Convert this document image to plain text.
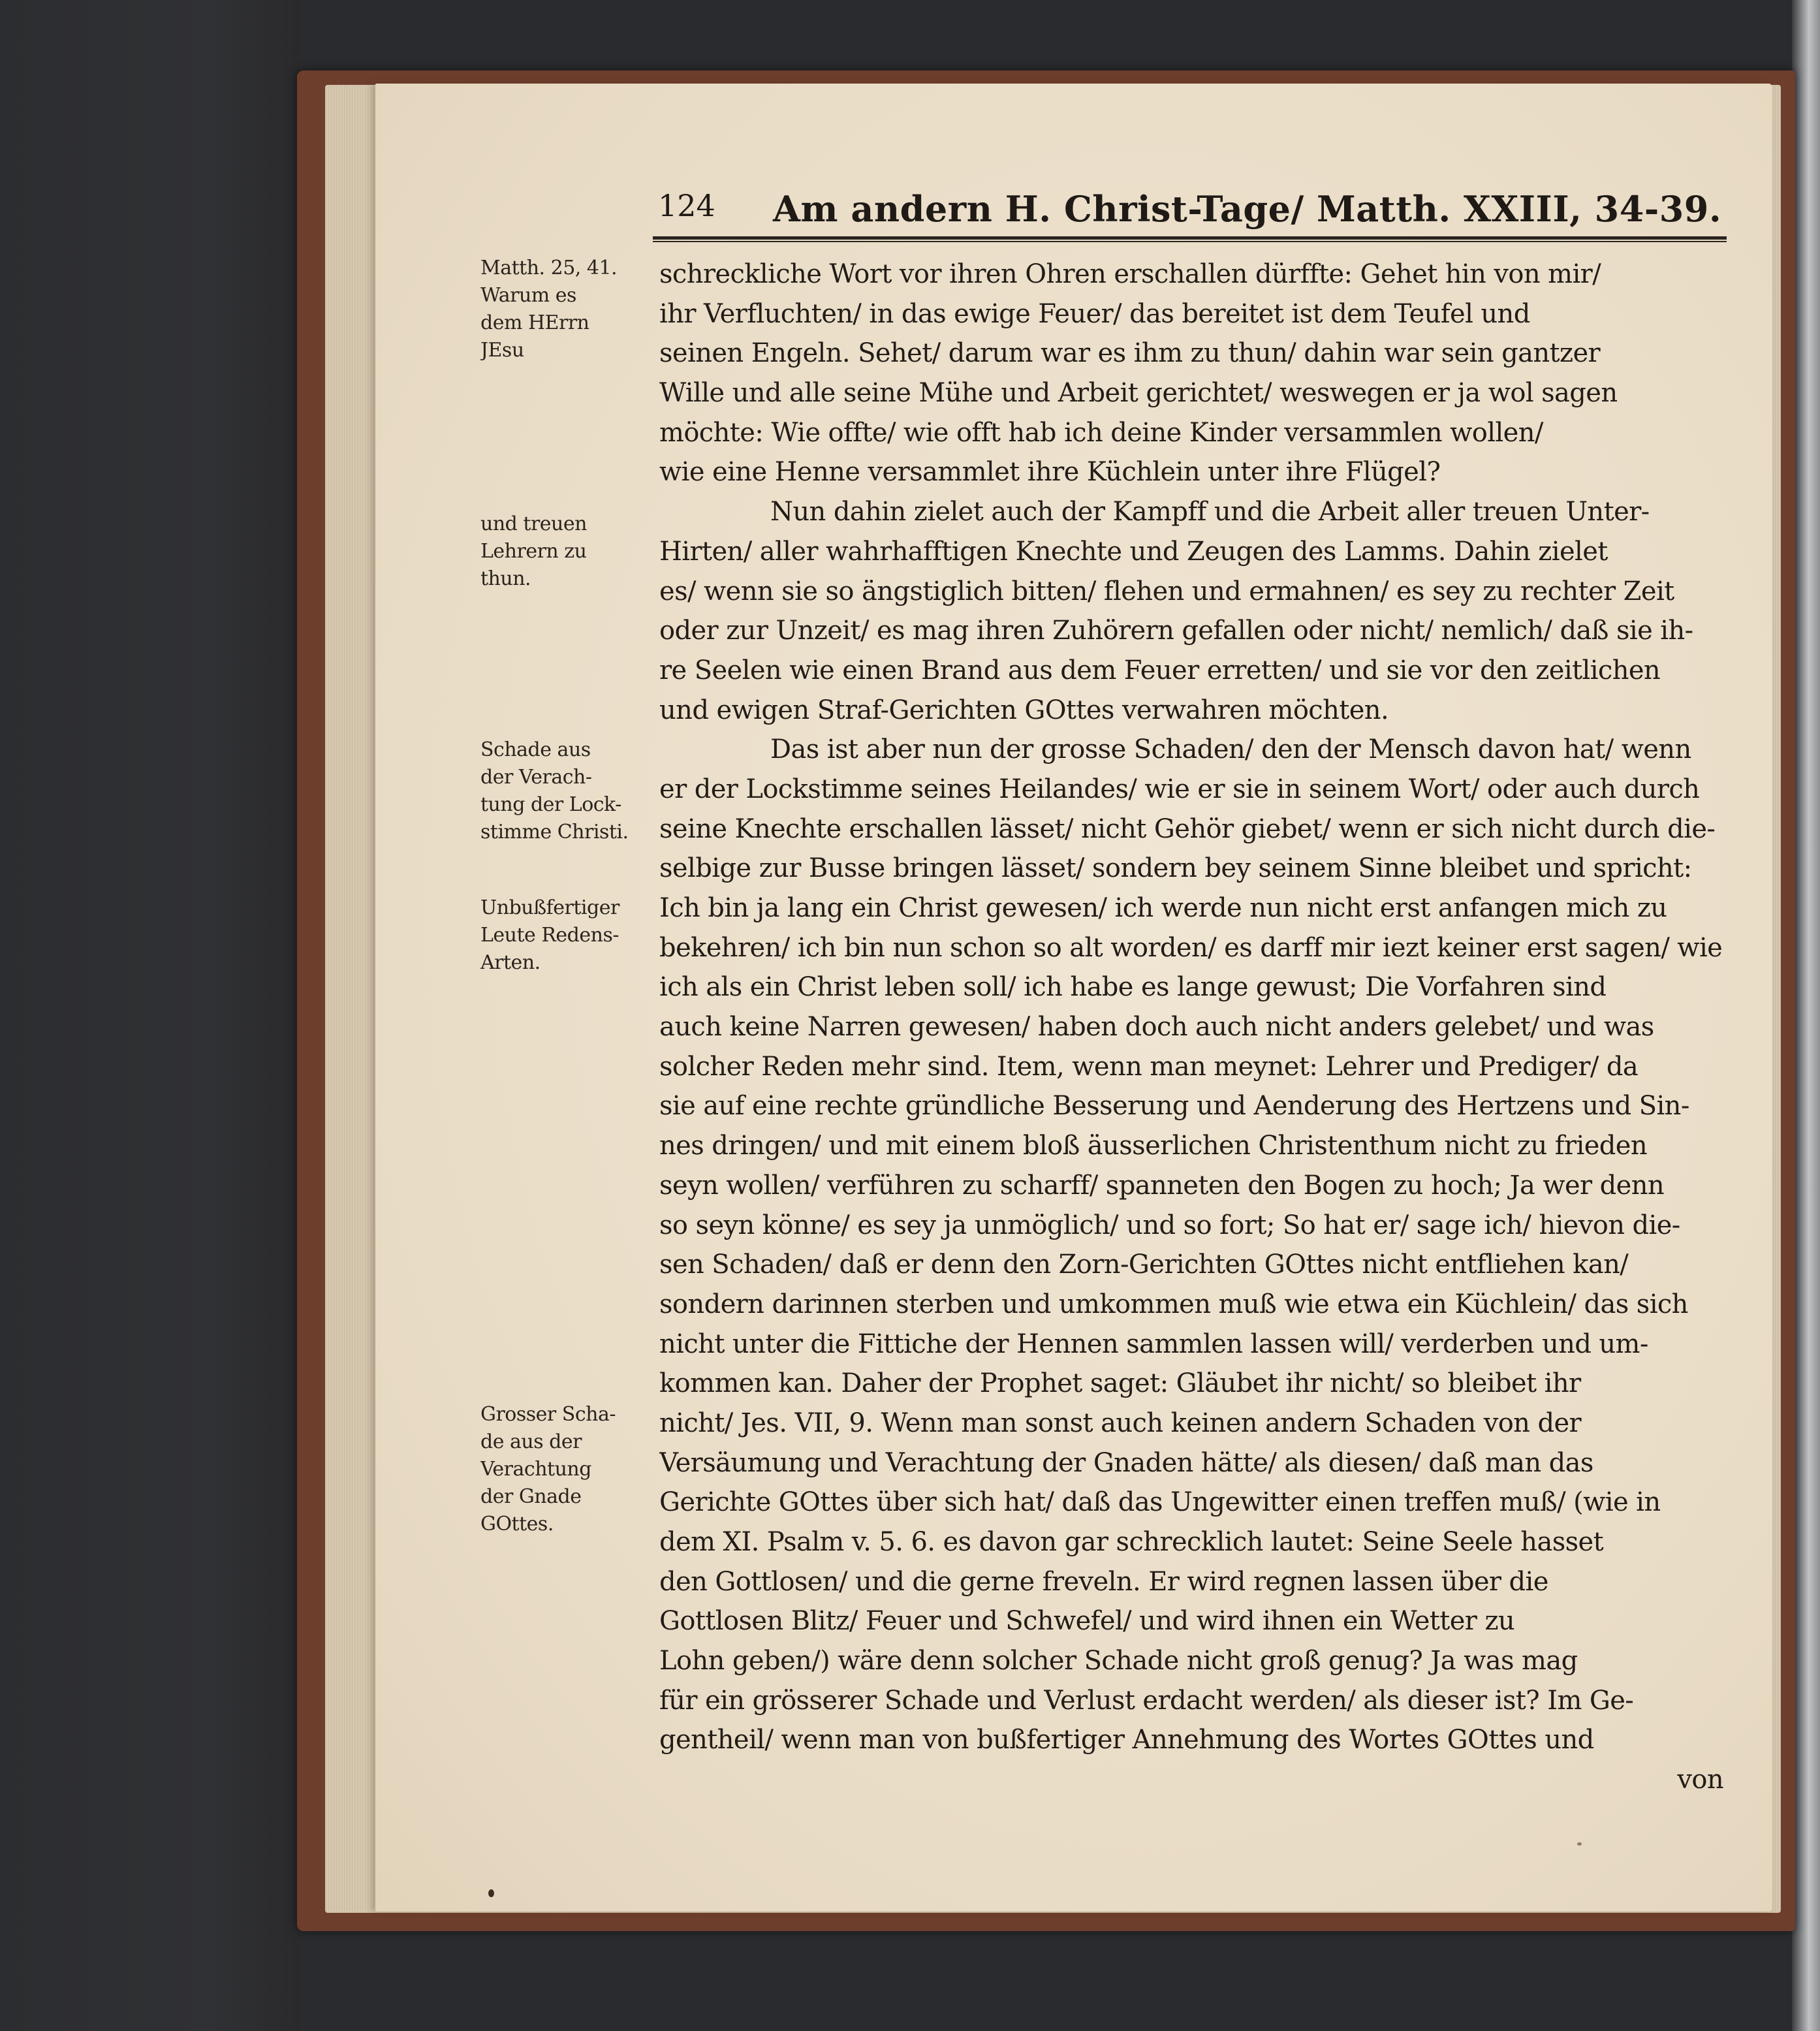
124 Am andern H. Christ-Tage/ Matth. XXIII, 34-39.
Matth. 25, 41.
Warum es
dem HErrn
JEsu
und treuen
Lehrern zu
thun.
Schade aus
der Verach-
tung der Lock-
stimme Christi.
Unbußfertiger
Leute Redens-
Arten.
Grosser Scha-
de aus der
Verachtung
der Gnade
GOttes.
schreckliche Wort vor ihren Ohren erschallen dürffte: Gehet hin von mir/
ihr Verfluchten/ in das ewige Feuer/ das bereitet ist dem Teufel und
seinen Engeln. Sehet/ darum war es ihm zu thun/ dahin war sein gantzer
Wille und alle seine Mühe und Arbeit gerichtet/ weswegen er ja wol sagen
möchte: Wie offte/ wie offt hab ich deine Kinder versammlen wollen/
wie eine Henne versammlet ihre Küchlein unter ihre Flügel?
Nun dahin zielet auch der Kampff und die Arbeit aller treuen Unter-
Hirten/ aller wahrhafftigen Knechte und Zeugen des Lamms. Dahin zielet
es/ wenn sie so ängstiglich bitten/ flehen und ermahnen/ es sey zu rechter Zeit
oder zur Unzeit/ es mag ihren Zuhörern gefallen oder nicht/ nemlich/ daß sie ih-
re Seelen wie einen Brand aus dem Feuer erretten/ und sie vor den zeitlichen
und ewigen Straf-Gerichten GOttes verwahren möchten.
Das ist aber nun der grosse Schaden/ den der Mensch davon hat/ wenn
er der Lockstimme seines Heilandes/ wie er sie in seinem Wort/ oder auch durch
seine Knechte erschallen lässet/ nicht Gehör giebet/ wenn er sich nicht durch die-
selbige zur Busse bringen lässet/ sondern bey seinem Sinne bleibet und spricht:
Ich bin ja lang ein Christ gewesen/ ich werde nun nicht erst anfangen mich zu
bekehren/ ich bin nun schon so alt worden/ es darff mir iezt keiner erst sagen/ wie
ich als ein Christ leben soll/ ich habe es lange gewust; Die Vorfahren sind
auch keine Narren gewesen/ haben doch auch nicht anders gelebet/ und was
solcher Reden mehr sind. Item, wenn man meynet: Lehrer und Prediger/ da
sie auf eine rechte gründliche Besserung und Aenderung des Hertzens und Sin-
nes dringen/ und mit einem bloß äusserlichen Christenthum nicht zu frieden
seyn wollen/ verführen zu scharff/ spanneten den Bogen zu hoch; Ja wer denn
so seyn könne/ es sey ja unmöglich/ und so fort; So hat er/ sage ich/ hievon die-
sen Schaden/ daß er denn den Zorn-Gerichten GOttes nicht entfliehen kan/
sondern darinnen sterben und umkommen muß wie etwa ein Küchlein/ das sich
nicht unter die Fittiche der Hennen sammlen lassen will/ verderben und um-
kommen kan. Daher der Prophet saget: Gläubet ihr nicht/ so bleibet ihr
nicht/ Jes. VII, 9. Wenn man sonst auch keinen andern Schaden von der
Versäumung und Verachtung der Gnaden hätte/ als diesen/ daß man das
Gerichte GOttes über sich hat/ daß das Ungewitter einen treffen muß/ (wie in
dem XI. Psalm v. 5. 6. es davon gar schrecklich lautet: Seine Seele hasset
den Gottlosen/ und die gerne freveln. Er wird regnen lassen über die
Gottlosen Blitz/ Feuer und Schwefel/ und wird ihnen ein Wetter zu
Lohn geben/) wäre denn solcher Schade nicht groß genug? Ja was mag
für ein grösserer Schade und Verlust erdacht werden/ als dieser ist? Im Ge-
gentheil/ wenn man von bußfertiger Annehmung des Wortes GOttes und
von
